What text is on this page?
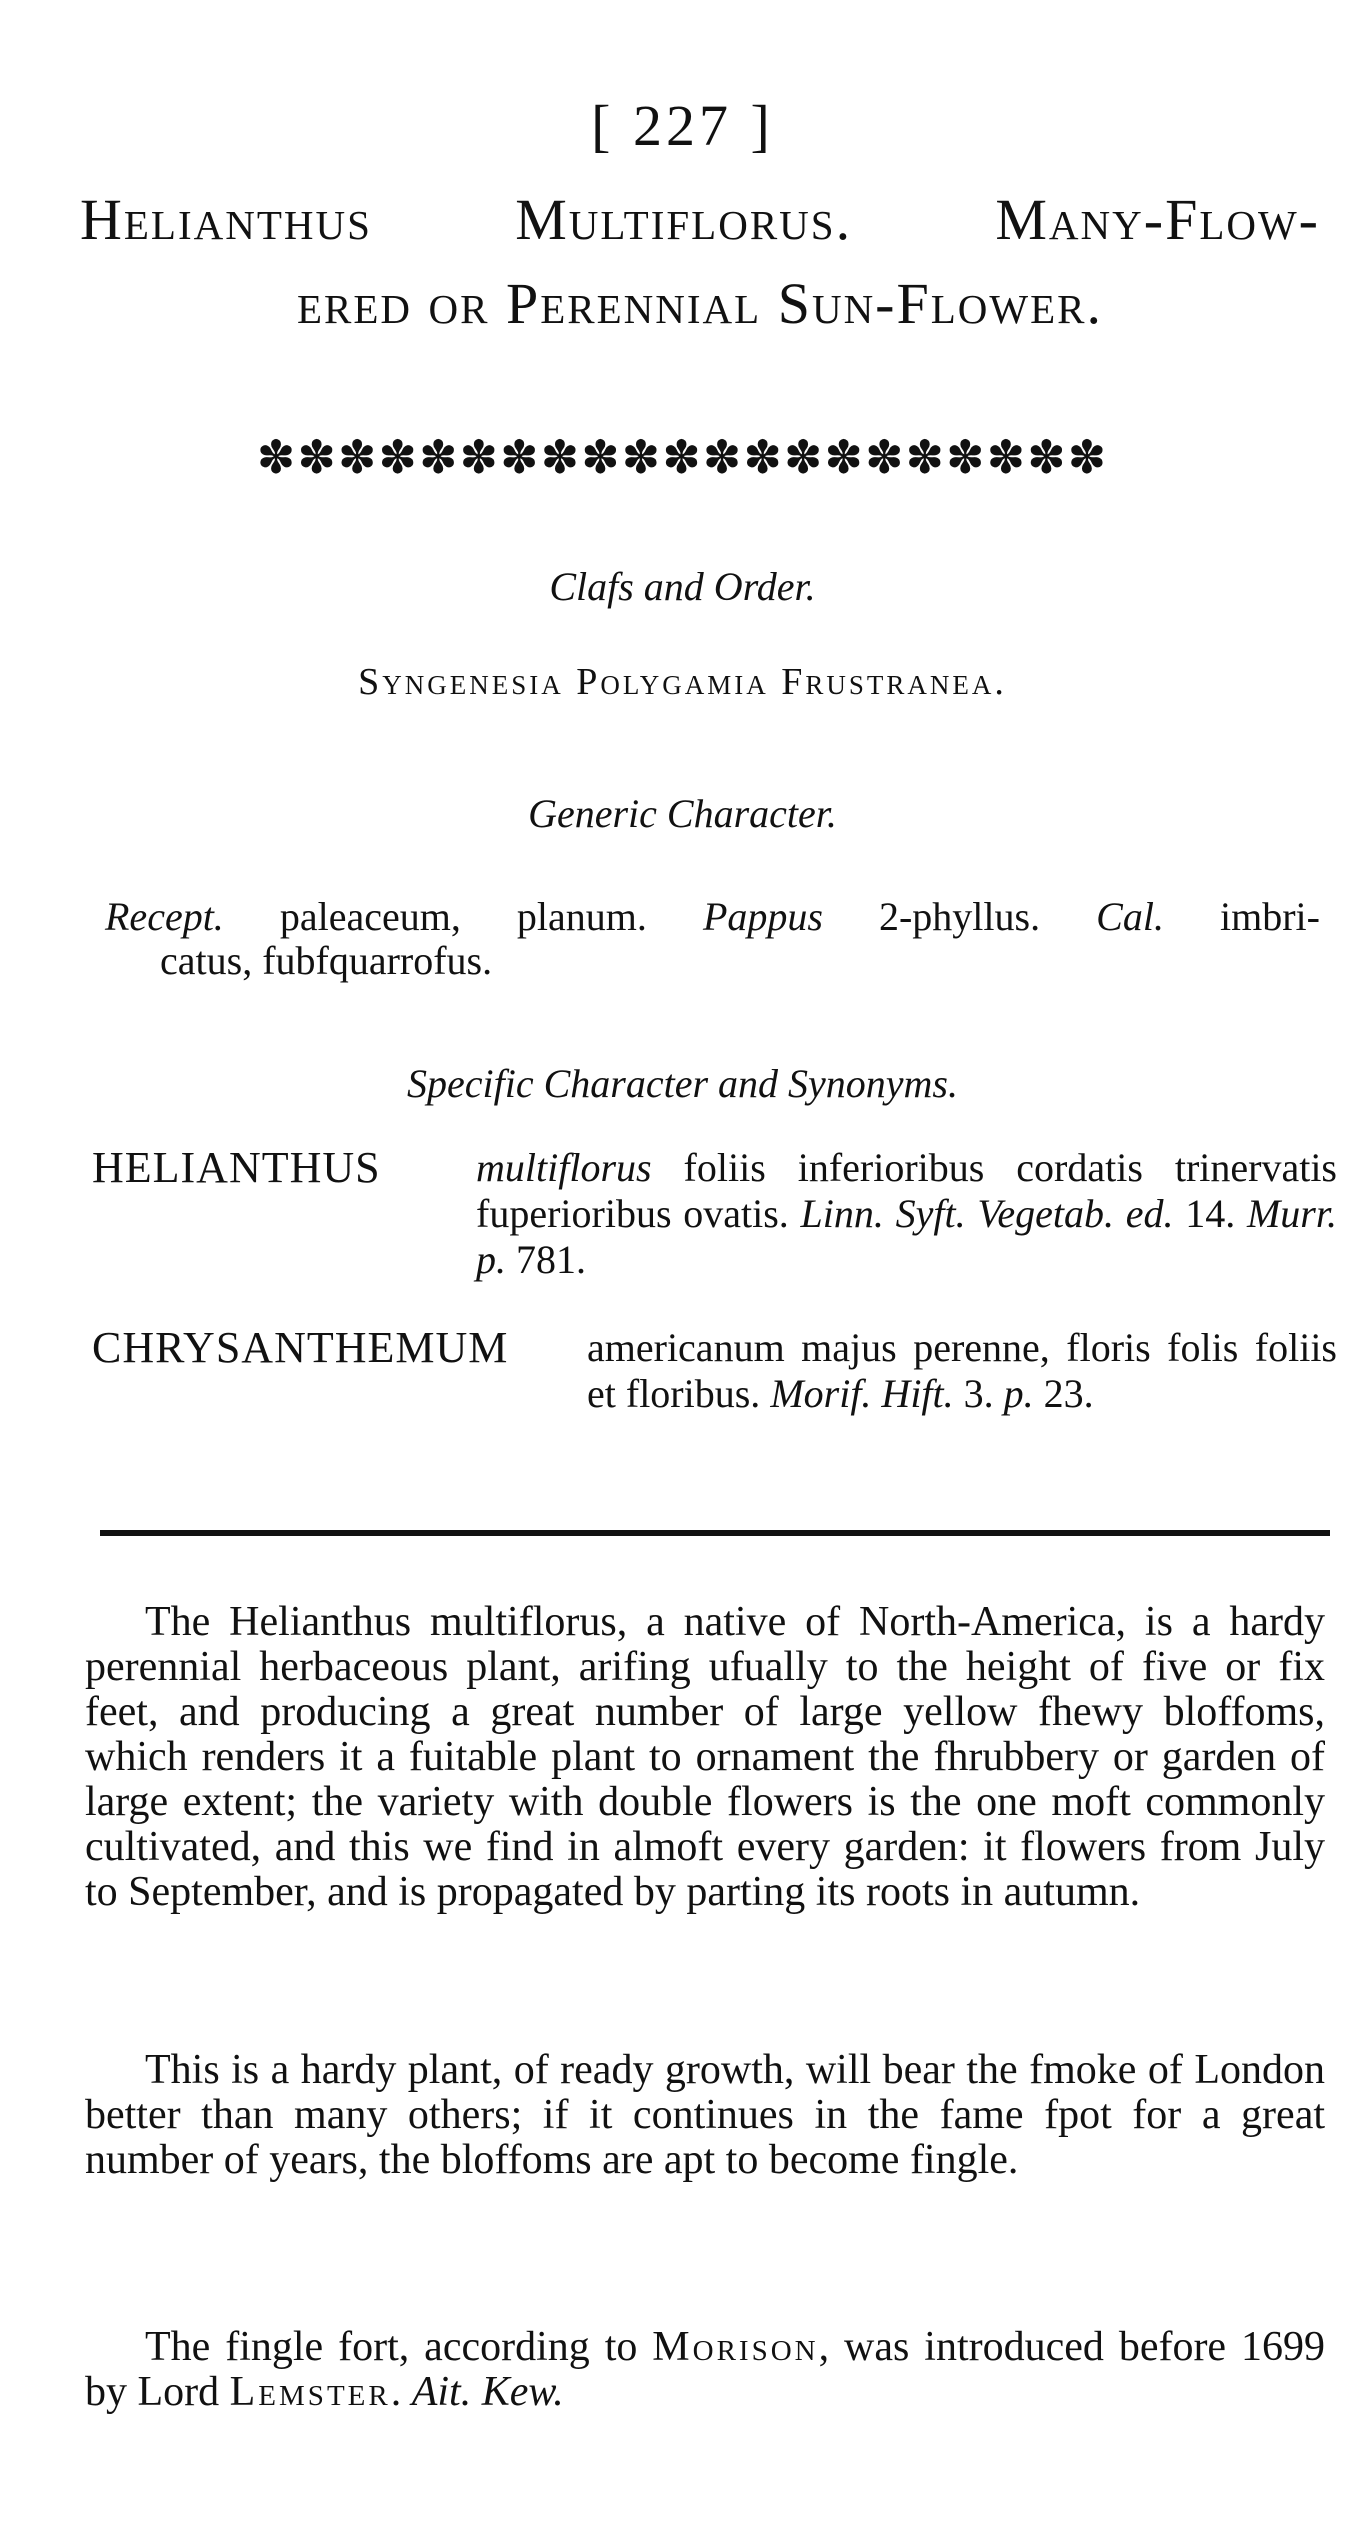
[ 227 ]
Helianthus Multiflorus. Many-Flow-
ered or Perennial Sun-Flower.
✽✽✽✽✽✽✽✽✽✽✽✽✽✽✽✽✽✽✽✽✽
Clafs and Order.
Syngenesia Polygamia Frustranea.
Generic Character.
Recept. paleaceum, planum. Pappus 2-phyllus. Cal. imbri-
catus, fubfquarrofus.
Specific Character and Synonyms.
HELIANTHUS multiflorus foliis inferioribus cordatis trinervatis fuperioribus ovatis. Linn. Syft. Vegetab. ed. 14. Murr. p. 781.
CHRYSANTHEMUM americanum majus perenne, floris folis foliis et floribus. Morif. Hift. 3. p. 23.
The Helianthus multiflorus, a native of North-America, is a hardy perennial herbaceous plant, arifing ufually to the height of five or fix feet, and producing a great number of large yellow fhewy bloffoms, which renders it a fuitable plant to ornament the fhrubbery or garden of large extent; the variety with double flowers is the one moft commonly cultivated, and this we find in almoft every garden: it flowers from July to September, and is propagated by parting its roots in autumn.
This is a hardy plant, of ready growth, will bear the fmoke of London better than many others; if it continues in the fame fpot for a great number of years, the bloffoms are apt to become fingle.
The fingle fort, according to Morison, was introduced before 1699 by Lord Lemster. Ait. Kew.
